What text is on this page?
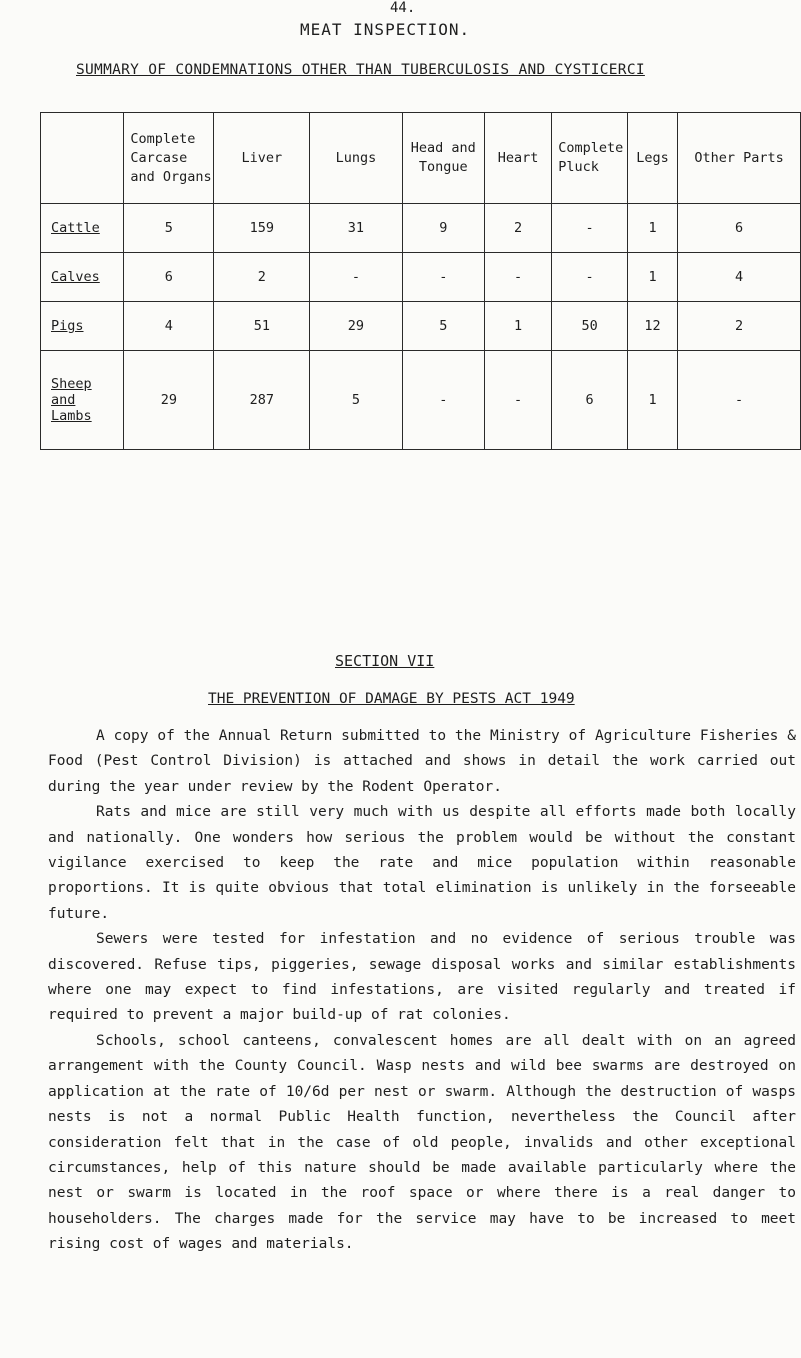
44.
MEAT INSPECTION.
SUMMARY OF CONDEMNATIONS OTHER THAN TUBERCULOSIS AND CYSTICERCI
	Complete Carcase and Organs	Liver	Lungs	Head and Tongue	Heart	Complete Pluck	Legs	Other Parts
Cattle	5	159	31	9	2	-	1	6
Calves	6	2	-	-	-	-	1	4
Pigs	4	51	29	5	1	50	12	2
Sheep and Lambs	29	287	5	-	-	6	1	-
SECTION VII
THE PREVENTION OF DAMAGE BY PESTS ACT 1949

A copy of the Annual Return submitted to the Ministry of Agriculture Fisheries & Food (Pest Control Division) is attached and shows in detail the work carried out during the year under review by the Rodent Operator.

Rats and mice are still very much with us despite all efforts made both locally and nationally. One wonders how serious the problem would be without the constant vigilance exercised to keep the rate and mice population within reasonable proportions. It is quite obvious that total elimination is unlikely in the forseeable future.

Sewers were tested for infestation and no evidence of serious trouble was discovered. Refuse tips, piggeries, sewage disposal works and similar establishments where one may expect to find infestations, are visited regularly and treated if required to prevent a major build-up of rat colonies.

Schools, school canteens, convalescent homes are all dealt with on an agreed arrangement with the County Council. Wasp nests and wild bee swarms are destroyed on application at the rate of 10/6d per nest or swarm. Although the destruction of wasps nests is not a normal Public Health function, nevertheless the Council after consideration felt that in the case of old people, invalids and other exceptional circumstances, help of this nature should be made available particularly where the nest or swarm is located in the roof space or where there is a real danger to householders. The charges made for the service may have to be increased to meet rising cost of wages and materials.
